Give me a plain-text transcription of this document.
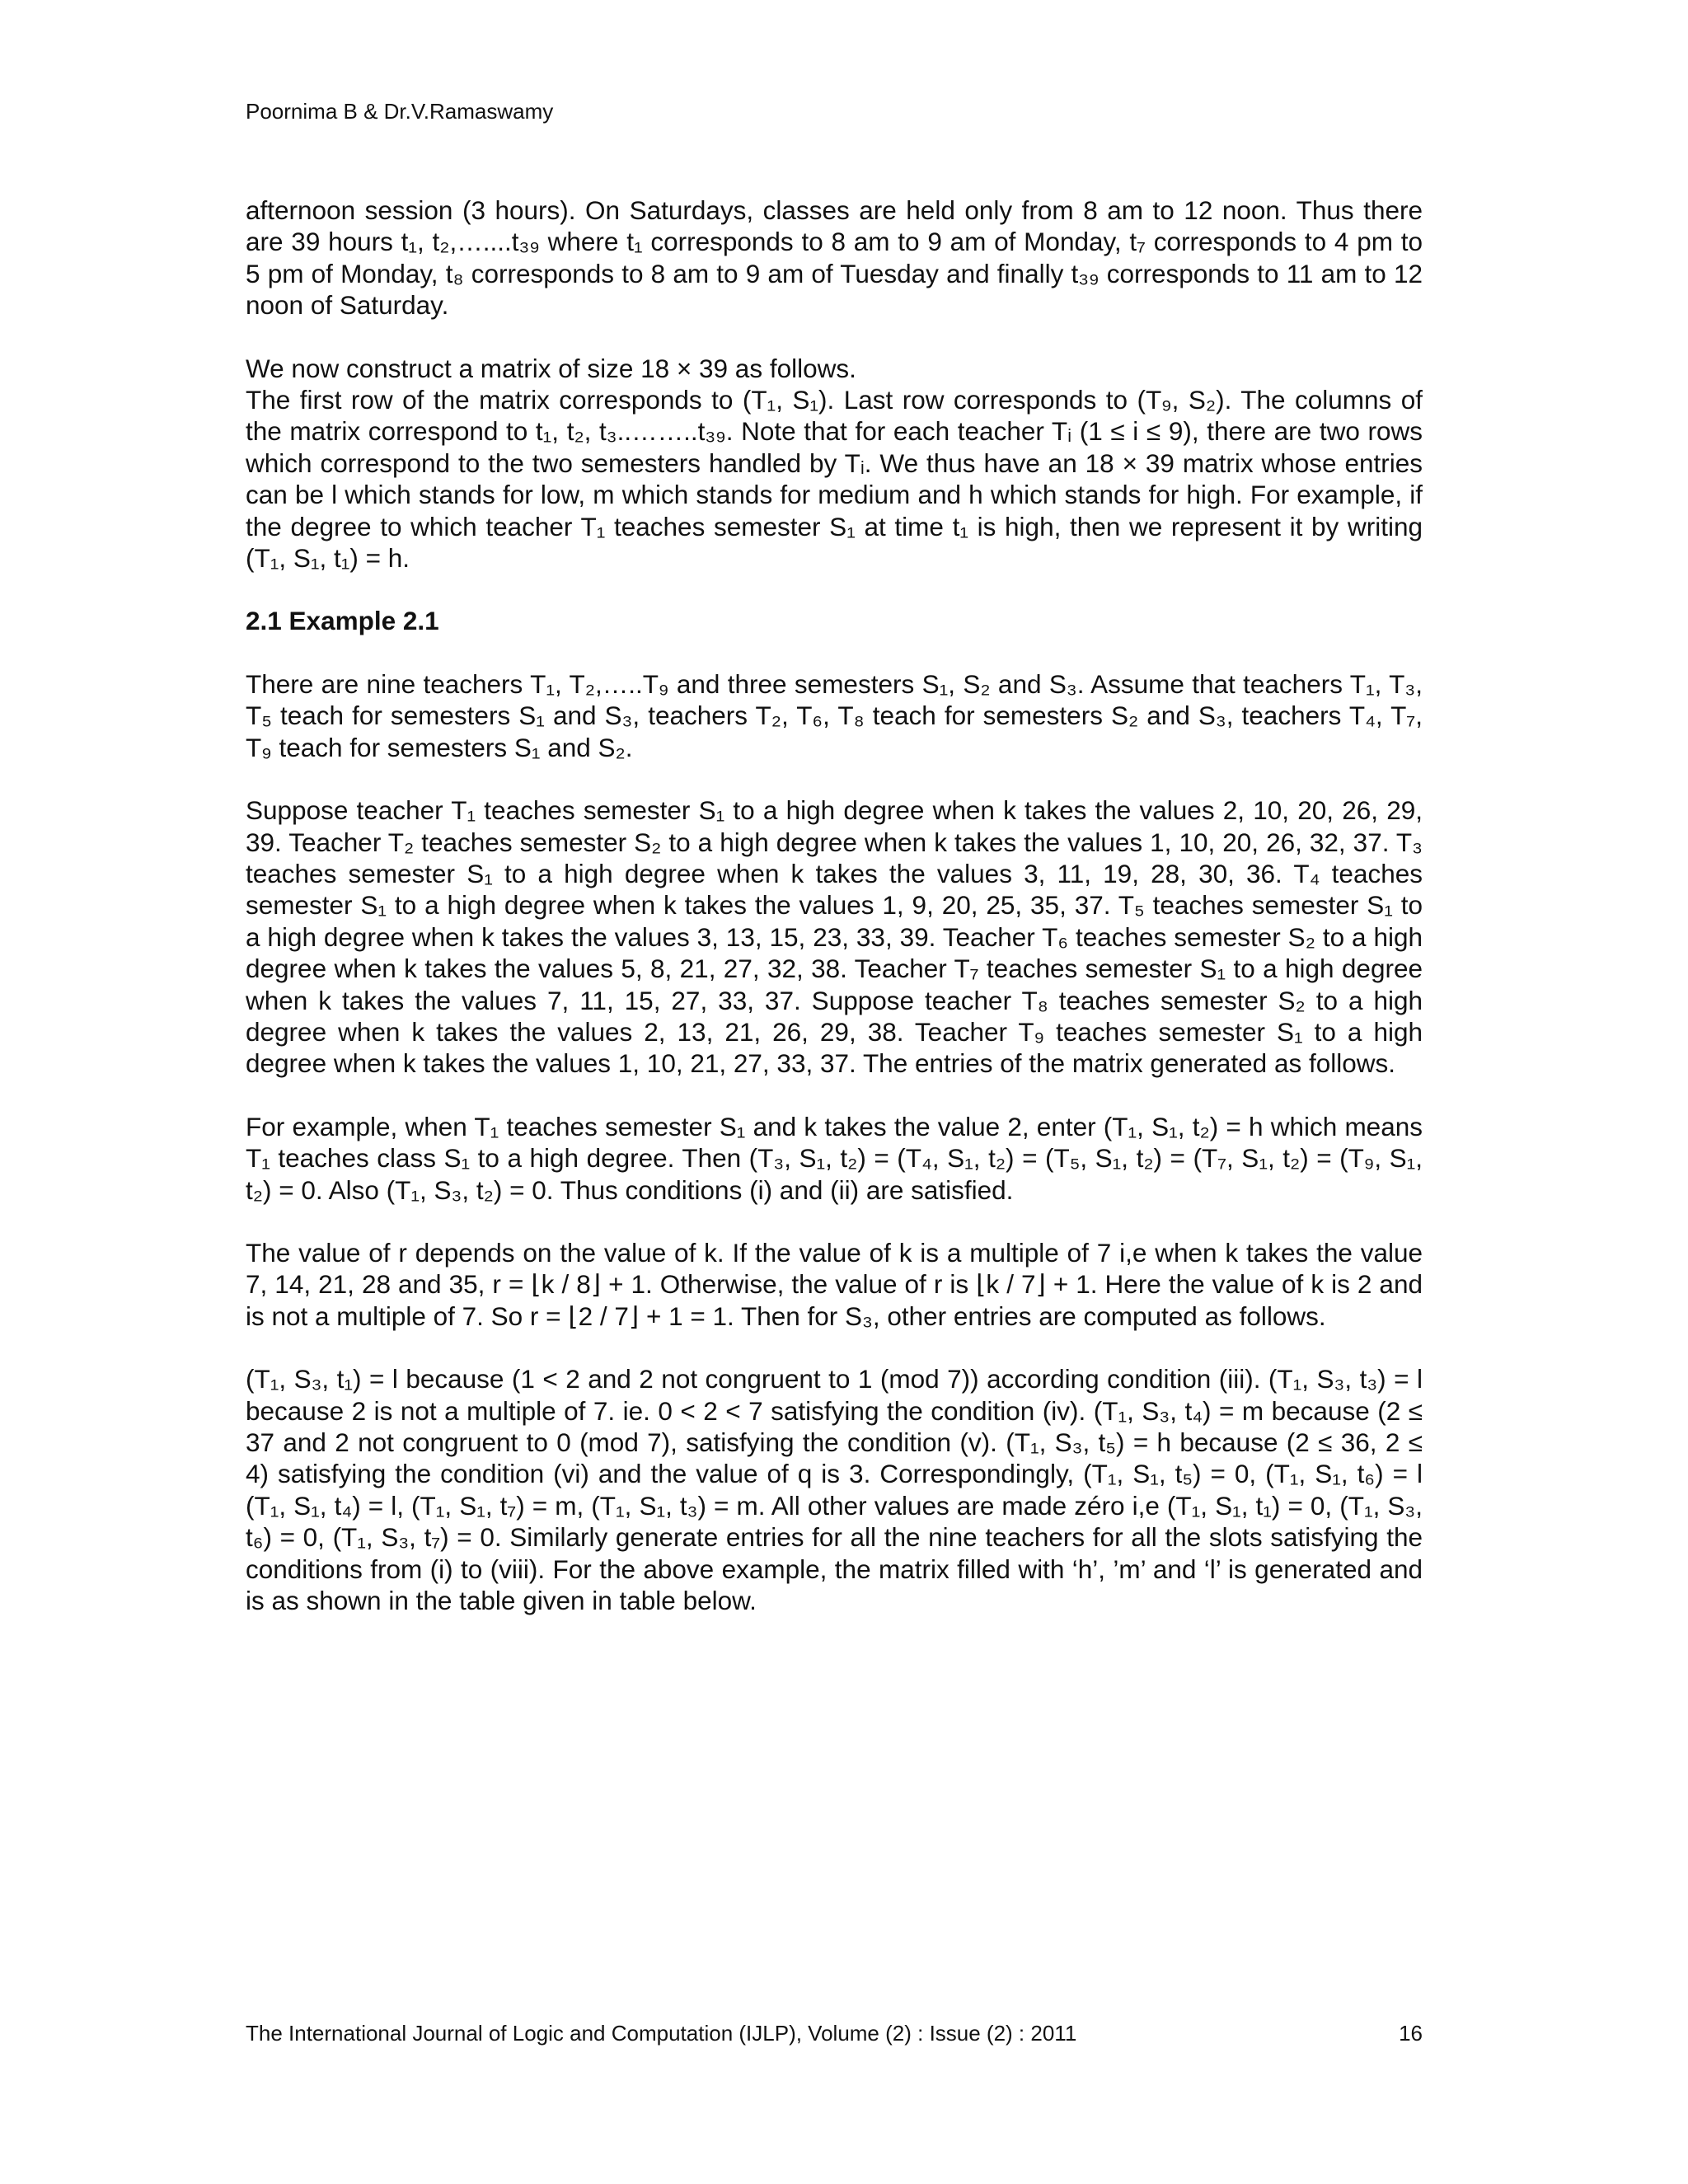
Poornima B & Dr.V.Ramaswamy

afternoon session (3 hours). On Saturdays, classes are held only from 8 am to 12 noon. Thus there are 39 hours t₁, t₂,…....t₃₉ where t₁ corresponds to 8 am to 9 am of Monday, t₇ corresponds to 4 pm to 5 pm of Monday, t₈ corresponds to 8 am to 9 am of Tuesday and finally t₃₉ corresponds to 11 am to 12 noon of Saturday.

We now construct a matrix of size 18 × 39 as follows.

The first row of the matrix corresponds to (T₁, S₁). Last row corresponds to (T₉, S₂). The columns of the matrix correspond to t₁, t₂, t₃..……..t₃₉. Note that for each teacher Tᵢ (1 ≤ i ≤ 9), there are two rows which correspond to the two semesters handled by Tᵢ. We thus have an 18 × 39 matrix whose entries can be l which stands for low, m which stands for medium and h which stands for high. For example, if the degree to which teacher T₁ teaches semester S₁ at time t₁ is high, then we represent it by writing (T₁, S₁, t₁) = h.

2.1 Example 2.1

There are nine teachers T₁, T₂,…..T₉ and three semesters S₁, S₂ and S₃. Assume that teachers T₁, T₃, T₅ teach for semesters S₁ and S₃, teachers T₂, T₆, T₈ teach for semesters S₂ and S₃, teachers T₄, T₇, T₉ teach for semesters S₁ and S₂.

Suppose teacher T₁ teaches semester S₁ to a high degree when k takes the values 2, 10, 20, 26, 29, 39. Teacher T₂ teaches semester S₂ to a high degree when k takes the values 1, 10, 20, 26, 32, 37. T₃ teaches semester S₁ to a high degree when k takes the values 3, 11, 19, 28, 30, 36. T₄ teaches semester S₁ to a high degree when k takes the values 1, 9, 20, 25, 35, 37. T₅ teaches semester S₁ to a high degree when k takes the values 3, 13, 15, 23, 33, 39. Teacher T₆ teaches semester S₂ to a high degree when k takes the values 5, 8, 21, 27, 32, 38. Teacher T₇ teaches semester S₁ to a high degree when k takes the values 7, 11, 15, 27, 33, 37. Suppose teacher T₈ teaches semester S₂ to a high degree when k takes the values 2, 13, 21, 26, 29, 38. Teacher T₉ teaches semester S₁ to a high degree when k takes the values 1, 10, 21, 27, 33, 37. The entries of the matrix generated as follows.

For example, when T₁ teaches semester S₁ and k takes the value 2, enter (T₁, S₁, t₂) = h which means T₁ teaches class S₁ to a high degree. Then (T₃, S₁, t₂) = (T₄, S₁, t₂) = (T₅, S₁, t₂) = (T₇, S₁, t₂) = (T₉, S₁, t₂) = 0. Also (T₁, S₃, t₂) = 0. Thus conditions (i) and (ii) are satisfied.

The value of r depends on the value of k. If the value of k is a multiple of 7 i,e when k takes the value 7, 14, 21, 28 and 35, r = ⌊k / 8⌋ + 1. Otherwise, the value of r is ⌊k / 7⌋ + 1. Here the value of k is 2 and is not a multiple of 7. So r = ⌊2 / 7⌋ + 1 = 1. Then for S₃, other entries are computed as follows.

(T₁, S₃, t₁) = l because (1 < 2 and 2 not congruent to 1 (mod 7)) according condition (iii). (T₁, S₃, t₃) = l because 2 is not a multiple of 7. ie. 0 < 2 < 7 satisfying the condition (iv). (T₁, S₃, t₄) = m because (2 ≤ 37 and 2 not congruent to 0 (mod 7), satisfying the condition (v). (T₁, S₃, t₅) = h because (2 ≤ 36, 2 ≤ 4) satisfying the condition (vi) and the value of q is 3. Correspondingly, (T₁, S₁, t₅) = 0, (T₁, S₁, t₆) = l (T₁, S₁, t₄) = l, (T₁, S₁, t₇) = m, (T₁, S₁, t₃) = m. All other values are made zéro i,e (T₁, S₁, t₁) = 0, (T₁, S₃, t₆) = 0, (T₁, S₃, t₇) = 0. Similarly generate entries for all the nine teachers for all the slots satisfying the conditions from (i) to (viii). For the above example, the matrix filled with ‘h’, ’m’ and ‘l’ is generated and is as shown in the table given in table below.

The International Journal of Logic and Computation (IJLP), Volume (2) : Issue (2) : 2011	16
